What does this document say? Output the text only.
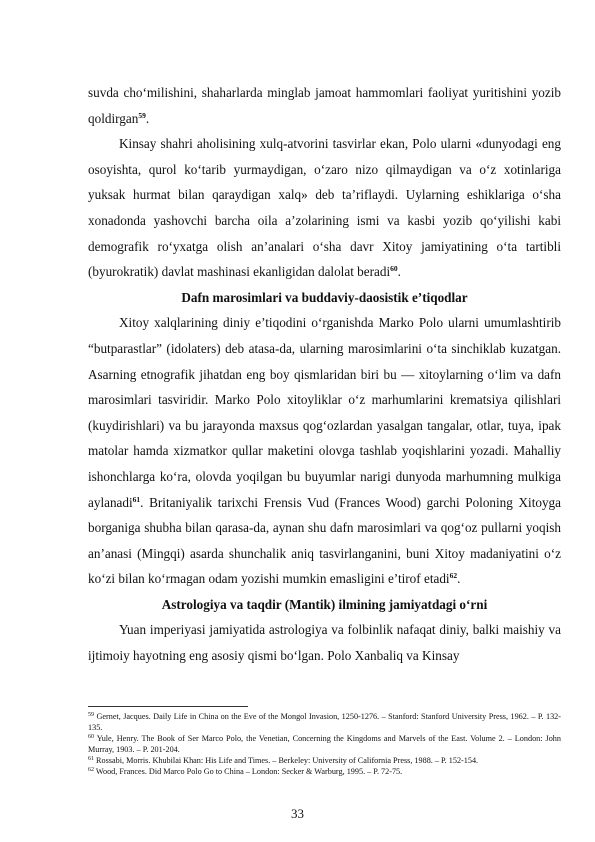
suvda cho‘milishini, shaharlarda minglab jamoat hammomlari faoliyat yuritishini yozib qoldirgan$^{59}$.

Kinsay shahri aholisining xulq-atvorini tasvirlar ekan, Polo ularni «dunyodagi eng osoyishta, qurol ko‘tarib yurmaydigan, o‘zaro nizo qilmaydigan va o‘z xotinlariga yuksak hurmat bilan qaraydigan xalq» deb ta’riflaydi. Uylarning eshiklariga o‘sha xonadonda yashovchi barcha oila a’zolarining ismi va kasbi yozib qo‘yilishi kabi demografik ro‘yxatga olish an’analari o‘sha davr Xitoy jamiyatining o‘ta tartibli (byurokratik) davlat mashinasi ekanligidan dalolat beradi$^{60}$.

Dafn marosimlari va buddaviy-daosistik e’tiqodlar

Xitoy xalqlarining diniy e’tiqodini o‘rganishda Marko Polo ularni umumlashtirib “butparastlar” (idolaters) deb atasa-da, ularning marosimlarini o‘ta sinchiklab kuzatgan. Asarning etnografik jihatdan eng boy qismlaridan biri bu — xitoylarning o‘lim va dafn marosimlari tasviridir. Marko Polo xitoyliklar o‘z marhumlarini krematsiya qilishlari (kuydirishlari) va bu jarayonda maxsus qog‘ozlardan yasalgan tangalar, otlar, tuya, ipak matolar hamda xizmatkor qullar maketini olovga tashlab yoqishlarini yozadi. Mahalliy ishonchlarga ko‘ra, olovda yoqilgan bu buyumlar narigi dunyoda marhumning mulkiga aylanadi$^{61}$. Britaniyalik tarixchi Frensis Vud (Frances Wood) garchi Poloning Xitoyga borganiga shubha bilan qarasa-da, aynan shu dafn marosimlari va qog‘oz pullarni yoqish an’anasi (Mingqi) asarda shunchalik aniq tasvirlanganini, buni Xitoy madaniyatini o‘z ko‘zi bilan ko‘rmagan odam yozishi mumkin emasligini e’tirof etadi$^{62}$.

Astrologiya va taqdir (Mantik) ilmining jamiyatdagi o‘rni

Yuan imperiyasi jamiyatida astrologiya va folbinlik nafaqat diniy, balki maishiy va ijtimoiy hayotning eng asosiy qismi bo‘lgan. Polo Xanbaliq va Kinsay

$^{59}$ Gernet, Jacques. Daily Life in China on the Eve of the Mongol Invasion, 1250-1276. – Stanford: Stanford University Press, 1962. – P. 132-135.

$^{60}$ Yule, Henry. The Book of Ser Marco Polo, the Venetian, Concerning the Kingdoms and Marvels of the East. Volume 2. – London: John Murray, 1903. – P. 201-204.

$^{61}$ Rossabi, Morris. Khubilai Khan: His Life and Times. – Berkeley: University of California Press, 1988. – P. 152-154.

$^{62}$ Wood, Frances. Did Marco Polo Go to China – London: Secker & Warburg, 1995. – P. 72-75.

33
